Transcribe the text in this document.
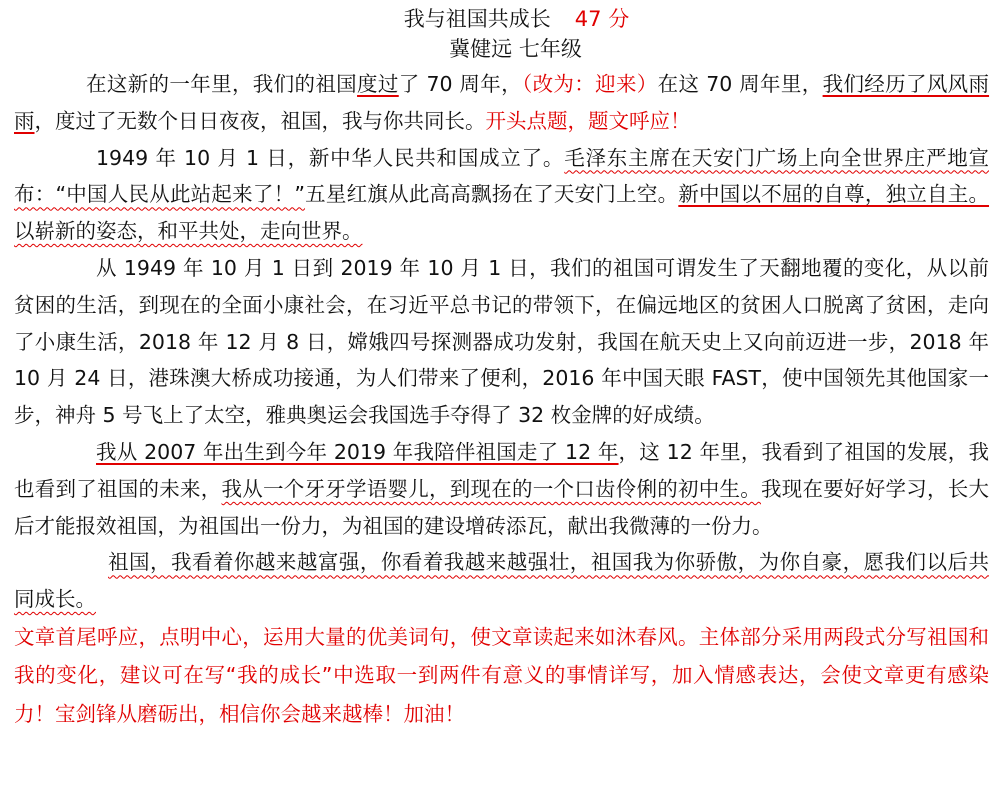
我与祖国共成长 47 分
冀健远 七年级

在这新的一年里，我们的祖国度过了 70 周年，（改为：迎来）在这 70 周年里，我们经历了风风雨雨，度过了无数个日日夜夜，祖国，我与你共同长。开头点题，题文呼应！

1949 年 10 月 1 日，新中华人民共和国成立了。毛泽东主席在天安门广场上向全世界庄严地宣布：“中国人民从此站起来了！”五星红旗从此高高飘扬在了天安门上空。新中国以不屈的自尊，独立自主。以崭新的姿态，和平共处，走向世界。

从 1949 年 10 月 1 日到 2019 年 10 月 1 日，我们的祖国可谓发生了天翻地覆的变化，从以前贫困的生活，到现在的全面小康社会，在习近平总书记的带领下，在偏远地区的贫困人口脱离了贫困，走向了小康生活，2018 年 12 月 8 日，嫦娥四号探测器成功发射，我国在航天史上又向前迈进一步，2018 年 10 月 24 日，港珠澳大桥成功接通，为人们带来了便利，2016 年中国天眼 FAST，使中国领先其他国家一步，神舟 5 号飞上了太空，雅典奥运会我国选手夺得了 32 枚金牌的好成绩。

我从 2007 年出生到今年 2019 年我陪伴祖国走了 12 年，这 12 年里，我看到了祖国的发展，我也看到了祖国的未来，我从一个牙牙学语婴儿，到现在的一个口齿伶俐的初中生。我现在要好好学习，长大后才能报效祖国，为祖国出一份力，为祖国的建设增砖添瓦，献出我微薄的一份力。

祖国，我看着你越来越富强，你看着我越来越强壮，祖国我为你骄傲，为你自豪，愿我们以后共同成长。

文章首尾呼应，点明中心，运用大量的优美词句，使文章读起来如沐春风。主体部分采用两段式分写祖国和我的变化，建议可在写“我的成长”中选取一到两件有意义的事情详写，加入情感表达，会使文章更有感染力！宝剑锋从磨砺出，相信你会越来越棒！加油！
